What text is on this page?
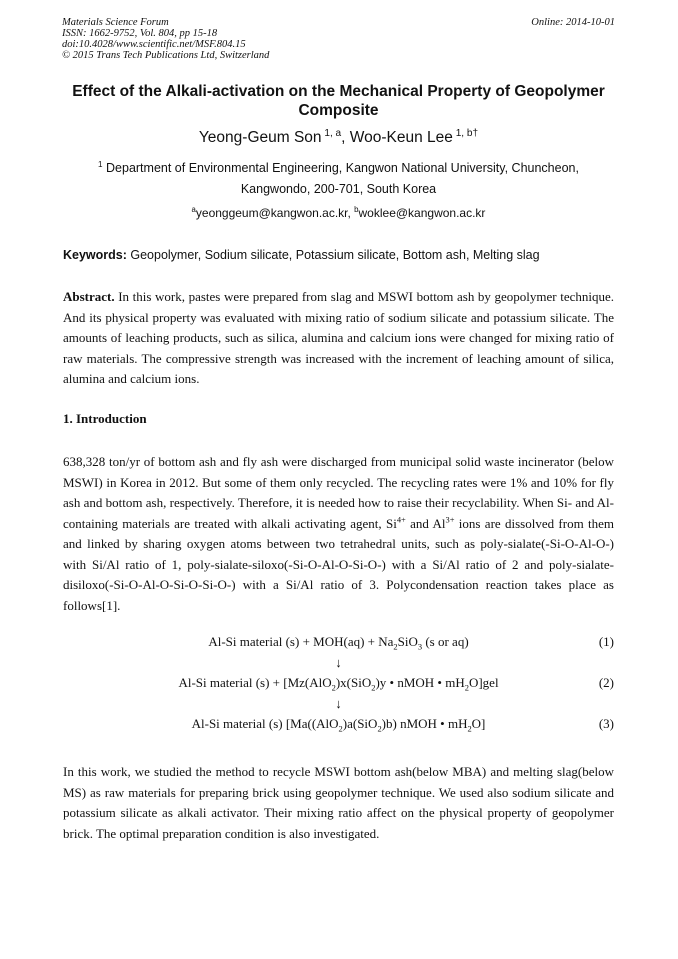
Materials Science Forum
ISSN: 1662-9752, Vol. 804, pp 15-18
doi:10.4028/www.scientific.net/MSF.804.15
© 2015 Trans Tech Publications Ltd, Switzerland
Online: 2014-10-01
Effect of the Alkali-activation on the Mechanical Property of Geopolymer Composite
Yeong-Geum Son $^{1, a}$, Woo-Keun Lee $^{1, b\dagger}$
$^1$ Department of Environmental Engineering, Kangwon National University, Chuncheon, Kangwondo, 200-701, South Korea
$^a$yeonggeum@kangwon.ac.kr, $^b$woklee@kangwon.ac.kr
Keywords: Geopolymer, Sodium silicate, Potassium silicate, Bottom ash, Melting slag

Abstract. In this work, pastes were prepared from slag and MSWI bottom ash by geopolymer technique. And its physical property was evaluated with mixing ratio of sodium silicate and potassium silicate. The amounts of leaching products, such as silica, alumina and calcium ions were changed for mixing ratio of raw materials. The compressive strength was increased with the increment of leaching amount of silica, alumina and calcium ions.

1. Introduction

638,328 ton/yr of bottom ash and fly ash were discharged from municipal solid waste incinerator (below MSWI) in Korea in 2012. But some of them only recycled. The recycling rates were 1% and 10% for fly ash and bottom ash, respectively. Therefore, it is needed how to raise their recyclability. When Si- and Al-containing materials are treated with alkali activating agent, $Si^{4+}$ and $Al^{3+}$ ions are dissolved from them and linked by sharing oxygen atoms between two tetrahedral units, such as poly-sialate(-Si-O-Al-O-) with Si/Al ratio of 1, poly-sialate-siloxo(-Si-O-Al-O-Si-O-) with a Si/Al ratio of 2 and poly-sialate-disiloxo(-Si-O-Al-O-Si-O-Si-O-) with a Si/Al ratio of 3. Polycondensation reaction takes place as follows[1].

Al-Si material $(s) + MOH(aq) + Na_2SiO_3$ (s or aq)	(1)
↓
Al-Si material (s) + [Mz(AlO$_2$)x(SiO$_2$)y • nMOH • $mH_2O]gel$	(2)
↓
Al-Si material (s) [Ma((AlO$_2$)a(SiO$_2$)b) nMOH • $mH_2O$]	(3)

In this work, we studied the method to recycle MSWI bottom ash(below MBA) and melting slag(below MS) as raw materials for preparing brick using geopolymer technique. We used also sodium silicate and potassium silicate as alkali activator. Their mixing ratio affect on the physical property of geopolymer brick. The optimal preparation condition is also investigated.
